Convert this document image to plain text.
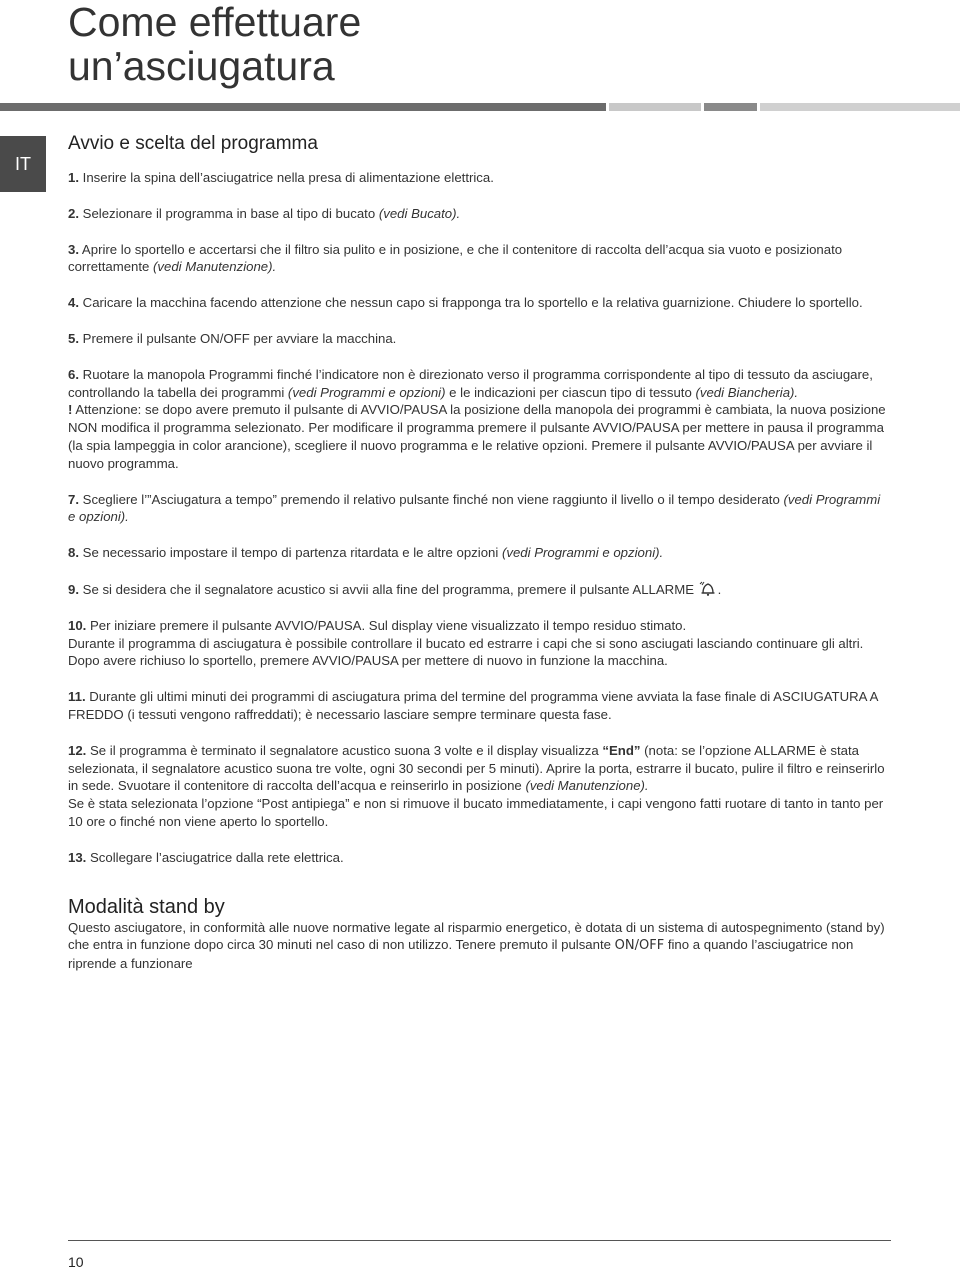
Come effettuare
un’asciugatura
IT
Avvio e scelta del programma

1. Inserire la spina dell’asciugatrice nella presa di alimentazione elettrica.

2. Selezionare il programma in base al tipo di bucato (vedi Bucato).

3. Aprire lo sportello e accertarsi che il filtro sia pulito e in posizione, e che il contenitore di raccolta dell’acqua sia vuoto e posizionato correttamente (vedi Manutenzione).

4. Caricare la macchina facendo attenzione che nessun capo si frapponga tra lo sportello e la relativa guarnizione. Chiudere lo sportello.

5. Premere il pulsante ON/OFF per avviare la macchina.

6. Ruotare la manopola Programmi finché l’indicatore non è direzionato verso il programma corrispondente al tipo di tessuto da asciugare, controllando la tabella dei programmi (vedi Programmi e opzioni) e le indicazioni per ciascun tipo di tessuto (vedi Biancheria).
! Attenzione: se dopo avere premuto il pulsante di AVVIO/PAUSA la posizione della manopola dei programmi è cambiata, la nuova posizione NON modifica il programma selezionato. Per modificare il programma premere il pulsante AVVIO/PAUSA per mettere in pausa il programma (la spia lampeggia in color arancione), scegliere il nuovo programma e le relative opzioni. Premere il pulsante AVVIO/PAUSA per avviare il nuovo programma.

7. Scegliere l’”Asciugatura a tempo” premendo il relativo pulsante finché non viene raggiunto il livello o il tempo desiderato (vedi Programmi e opzioni).

8. Se necessario impostare il tempo di partenza ritardata e le altre opzioni (vedi Programmi e opzioni).

9. Se si desidera che il segnalatore acustico si avvii alla fine del programma, premere il pulsante ALLARME .

10. Per iniziare premere il pulsante AVVIO/PAUSA. Sul display viene visualizzato il tempo residuo stimato.
Durante il programma di asciugatura è possibile controllare il bucato ed estrarre i capi che si sono asciugati lasciando continuare gli altri. Dopo avere richiuso lo sportello, premere AVVIO/PAUSA per mettere di nuovo in funzione la macchina.

11. Durante gli ultimi minuti dei programmi di asciugatura prima del termine del programma viene avviata la fase finale di ASCIUGATURA A FREDDO (i tessuti vengono raffreddati); è necessario lasciare sempre terminare questa fase.

12. Se il programma è terminato il segnalatore acustico suona 3 volte e il display visualizza “End” (nota: se l’opzione ALLARME è stata selezionata, il segnalatore acustico suona tre volte, ogni 30 secondi per 5 minuti). Aprire la porta, estrarre il bucato, pulire il filtro e reinserirlo in sede. Svuotare il contenitore di raccolta dell’acqua e reinserirlo in posizione (vedi Manutenzione).
Se è stata selezionata l’opzione “Post antipiega” e non si rimuove il bucato immediatamente, i capi vengono fatti ruotare di tanto in tanto per 10 ore o finché non viene aperto lo sportello.

13. Scollegare l’asciugatrice dalla rete elettrica.

Modalità stand by

Questo asciugatore, in conformità alle nuove normative legate al risparmio energetico, è dotata di un sistema di autospegnimento (stand by) che entra in funzione dopo circa 30 minuti nel caso di non utilizzo. Tenere premuto il pulsante ON/OFF fino a quando l’asciugatrice non riprende a funzionare

10
